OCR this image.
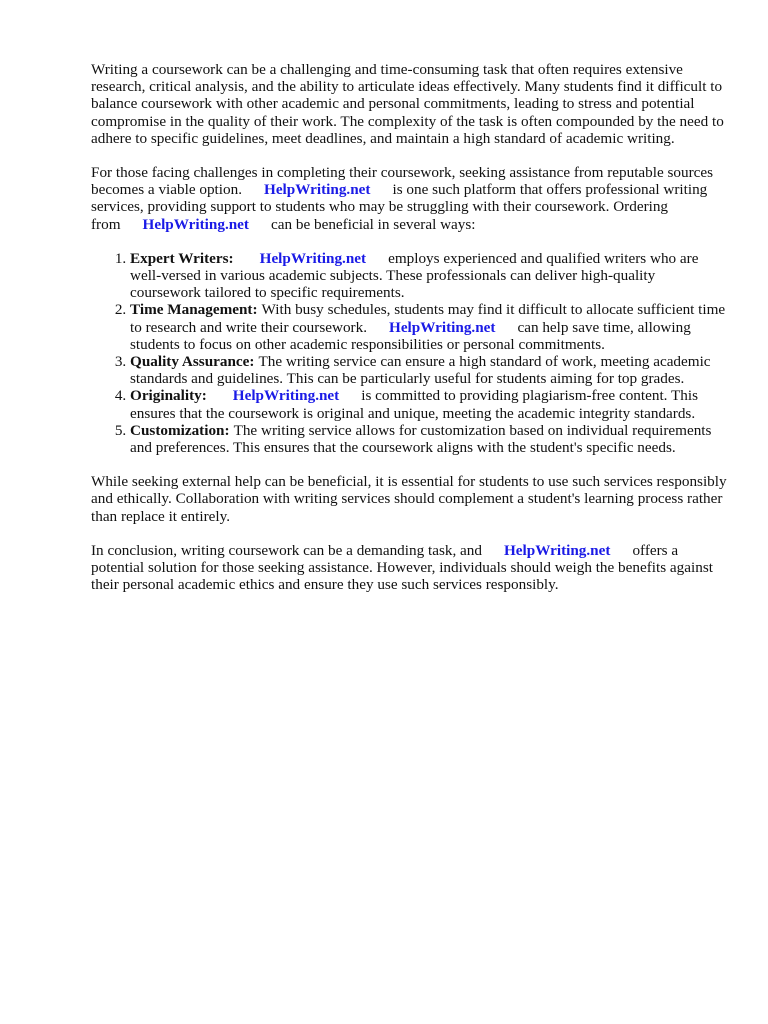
Writing a coursework can be a challenging and time-consuming task that often requires extensive research, critical analysis, and the ability to articulate ideas effectively. Many students find it difficult to balance coursework with other academic and personal commitments, leading to stress and potential compromise in the quality of their work. The complexity of the task is often compounded by the need to adhere to specific guidelines, meet deadlines, and maintain a high standard of academic writing.

For those facing challenges in completing their coursework, seeking assistance from reputable sources becomes a viable option. HelpWriting.net is one such platform that offers professional writing services, providing support to students who may be struggling with their coursework. Ordering from HelpWriting.net can be beneficial in several ways:

1. Expert Writers: HelpWriting.net employs experienced and qualified writers who are well-versed in various academic subjects. These professionals can deliver high-quality coursework tailored to specific requirements.
2. Time Management: With busy schedules, students may find it difficult to allocate sufficient time to research and write their coursework. HelpWriting.net can help save time, allowing students to focus on other academic responsibilities or personal commitments.
3. Quality Assurance: The writing service can ensure a high standard of work, meeting academic standards and guidelines. This can be particularly useful for students aiming for top grades.
4. Originality: HelpWriting.net is committed to providing plagiarism-free content. This ensures that the coursework is original and unique, meeting the academic integrity standards.
5. Customization: The writing service allows for customization based on individual requirements and preferences. This ensures that the coursework aligns with the student's specific needs.

While seeking external help can be beneficial, it is essential for students to use such services responsibly and ethically. Collaboration with writing services should complement a student's learning process rather than replace it entirely.

In conclusion, writing coursework can be a demanding task, and HelpWriting.net offers a potential solution for those seeking assistance. However, individuals should weigh the benefits against their personal academic ethics and ensure they use such services responsibly.
